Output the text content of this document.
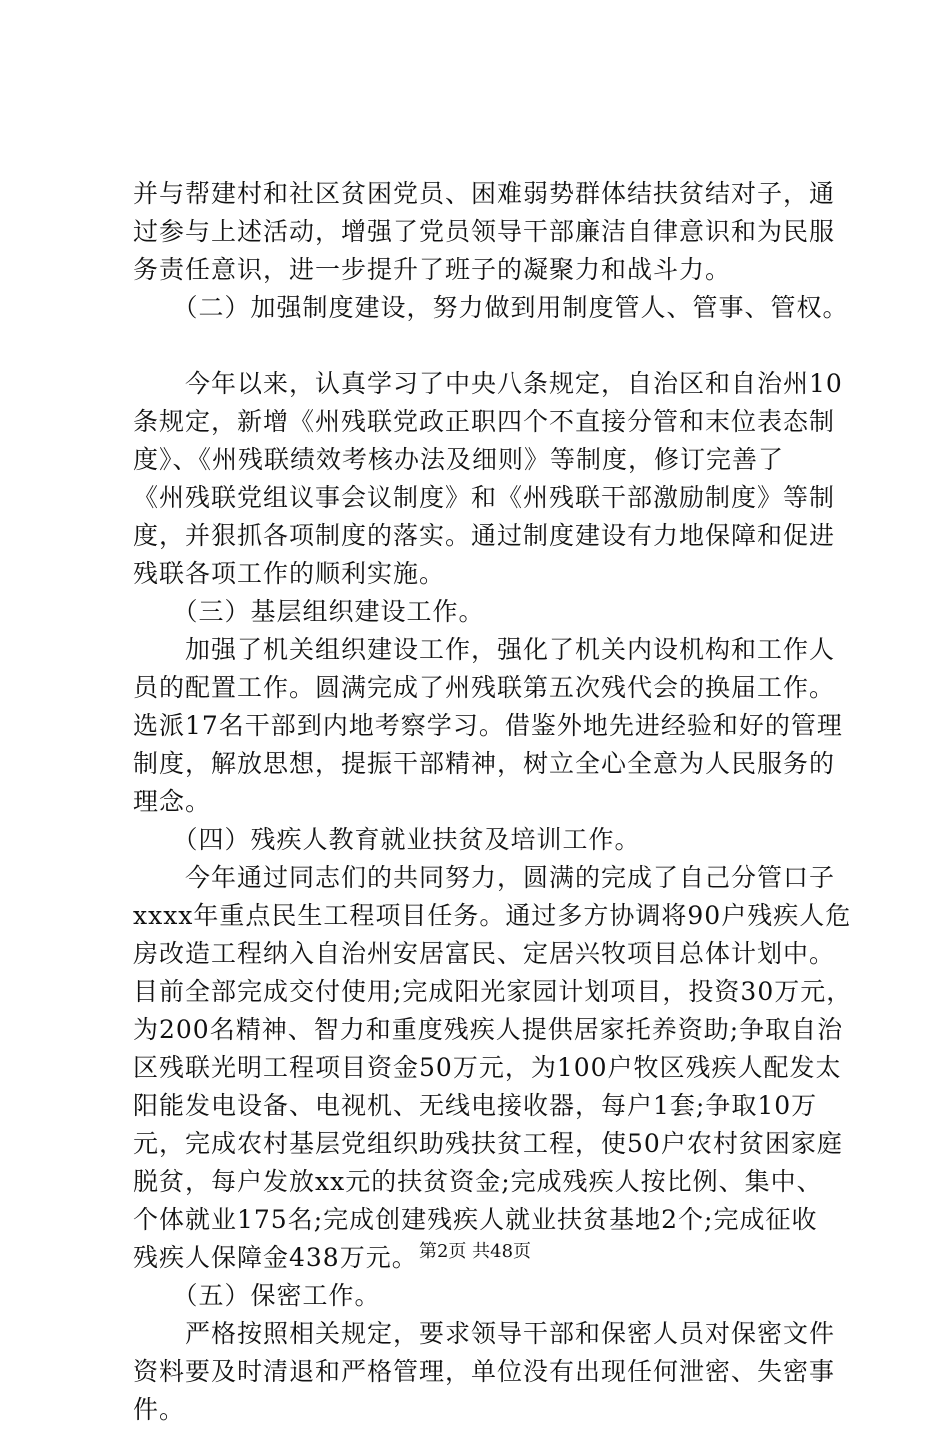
并与帮建村和社区贫困党员、困难弱势群体结扶贫结对子，通
过参与上述活动，增强了党员领导干部廉洁自律意识和为民服
务责任意识，进一步提升了班子的凝聚力和战斗力。
　　（二）加强制度建设，努力做到用制度管人、管事、管权。
　　今年以来，认真学习了中央八条规定，自治区和自治州10
条规定，新增《州残联党政正职四个不直接分管和末位表态制
度》、《州残联绩效考核办法及细则》等制度，修订完善了
《州残联党组议事会议制度》和《州残联干部激励制度》等制
度，并狠抓各项制度的落实。通过制度建设有力地保障和促进
残联各项工作的顺利实施。
　　（三）基层组织建设工作。
　　加强了机关组织建设工作，强化了机关内设机构和工作人
员的配置工作。圆满完成了州残联第五次残代会的换届工作。
选派17名干部到内地考察学习。借鉴外地先进经验和好的管理
制度，解放思想，提振干部精神，树立全心全意为人民服务的
理念。
　　（四）残疾人教育就业扶贫及培训工作。
　　今年通过同志们的共同努力，圆满的完成了自己分管口子
xxxx年重点民生工程项目任务。通过多方协调将90户残疾人危
房改造工程纳入自治州安居富民、定居兴牧项目总体计划中。
目前全部完成交付使用;完成阳光家园计划项目，投资30万元，
为200名精神、智力和重度残疾人提供居家托养资助;争取自治
区残联光明工程项目资金50万元，为100户牧区残疾人配发太
阳能发电设备、电视机、无线电接收器，每户1套;争取10万
元，完成农村基层党组织助残扶贫工程，使50户农村贫困家庭
脱贫，每户发放xx元的扶贫资金;完成残疾人按比例、集中、
个体就业175名;完成创建残疾人就业扶贫基地2个;完成征收
残疾人保障金438万元。
　　（五）保密工作。
　　严格按照相关规定，要求领导干部和保密人员对保密文件
资料要及时清退和严格管理，单位没有出现任何泄密、失密事
件。
第2页 共48页
